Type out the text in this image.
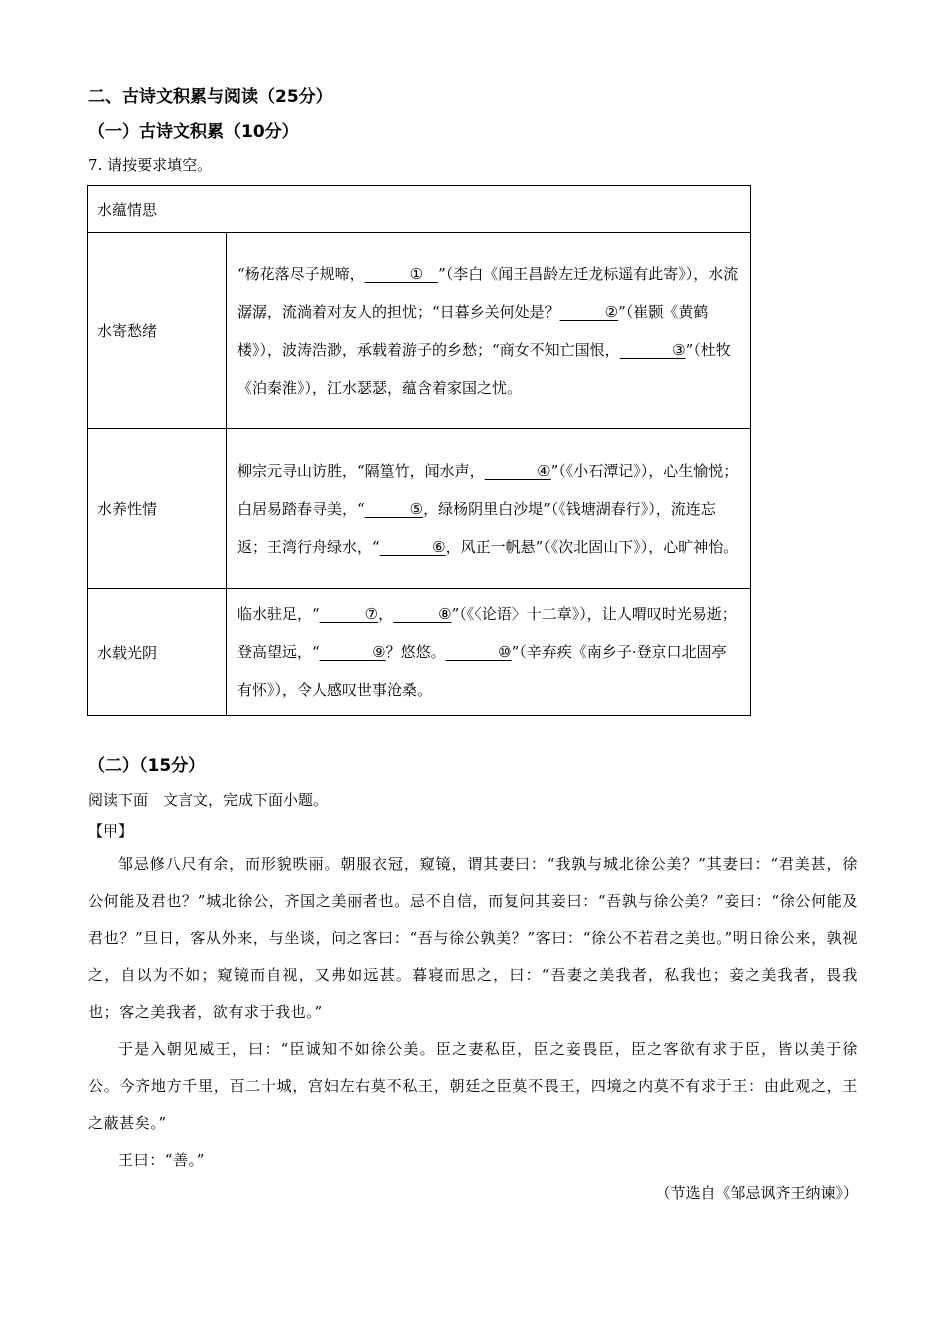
二、古诗文积累与阅读（25分）
（一）古诗文积累（10分）
7. 请按要求填空。
水蕴情思	
水寄愁绪	“杨花落尽子规啼，______①__”（李白《闻王昌龄左迁龙标遥有此寄》），水流潺潺，流淌着对友人的担忧；“日暮乡关何处是？______②”（崔颢《黄鹤楼》），波涛浩渺，承载着游子的乡愁；“商女不知亡国恨，_______③”（杜牧《泊秦淮》），江水瑟瑟，蕴含着家国之忧。
水养性情	柳宗元寻山访胜，“隔篁竹，闻水声，_______④”（《小石潭记》），心生愉悦；白居易踏春寻美，“______⑤，绿杨阴里白沙堤”（《钱塘湖春行》），流连忘返；王湾行舟绿水，“_______⑥，风正一帆悬”（《次北固山下》），心旷神怡。
水载光阴	临水驻足，“______⑦，______⑧”（《〈论语〉十二章》），让人喟叹时光易逝；登高望远，“_______⑨？悠悠。_______⑩”（辛弃疾《南乡子·登京口北固亭有怀》），令人感叹世事沧桑。
（二）（15分）
阅读下面　文言文，完成下面小题。
【甲】

邹忌修八尺有余，而形貌昳丽。朝服衣冠，窥镜，谓其妻曰：“我孰与城北徐公美？”其妻曰：“君美甚，徐公何能及君也？”城北徐公，齐国之美丽者也。忌不自信，而复问其妾曰：“吾孰与徐公美？”妾曰：“徐公何能及君也？”旦日，客从外来，与坐谈，问之客曰：“吾与徐公孰美？”客曰：“徐公不若君之美也。”明日徐公来，孰视之，自以为不如；窥镜而自视，又弗如远甚。暮寝而思之，曰：“吾妻之美我者，私我也；妾之美我者，畏我也；客之美我者，欲有求于我也。”

于是入朝见威王，曰：“臣诚知不如徐公美。臣之妻私臣，臣之妾畏臣，臣之客欲有求于臣，皆以美于徐公。今齐地方千里，百二十城，宫妇左右莫不私王，朝廷之臣莫不畏王，四境之内莫不有求于王：由此观之，王之蔽甚矣。”

王曰：“善。”

（节选自《邹忌讽齐王纳谏》）
